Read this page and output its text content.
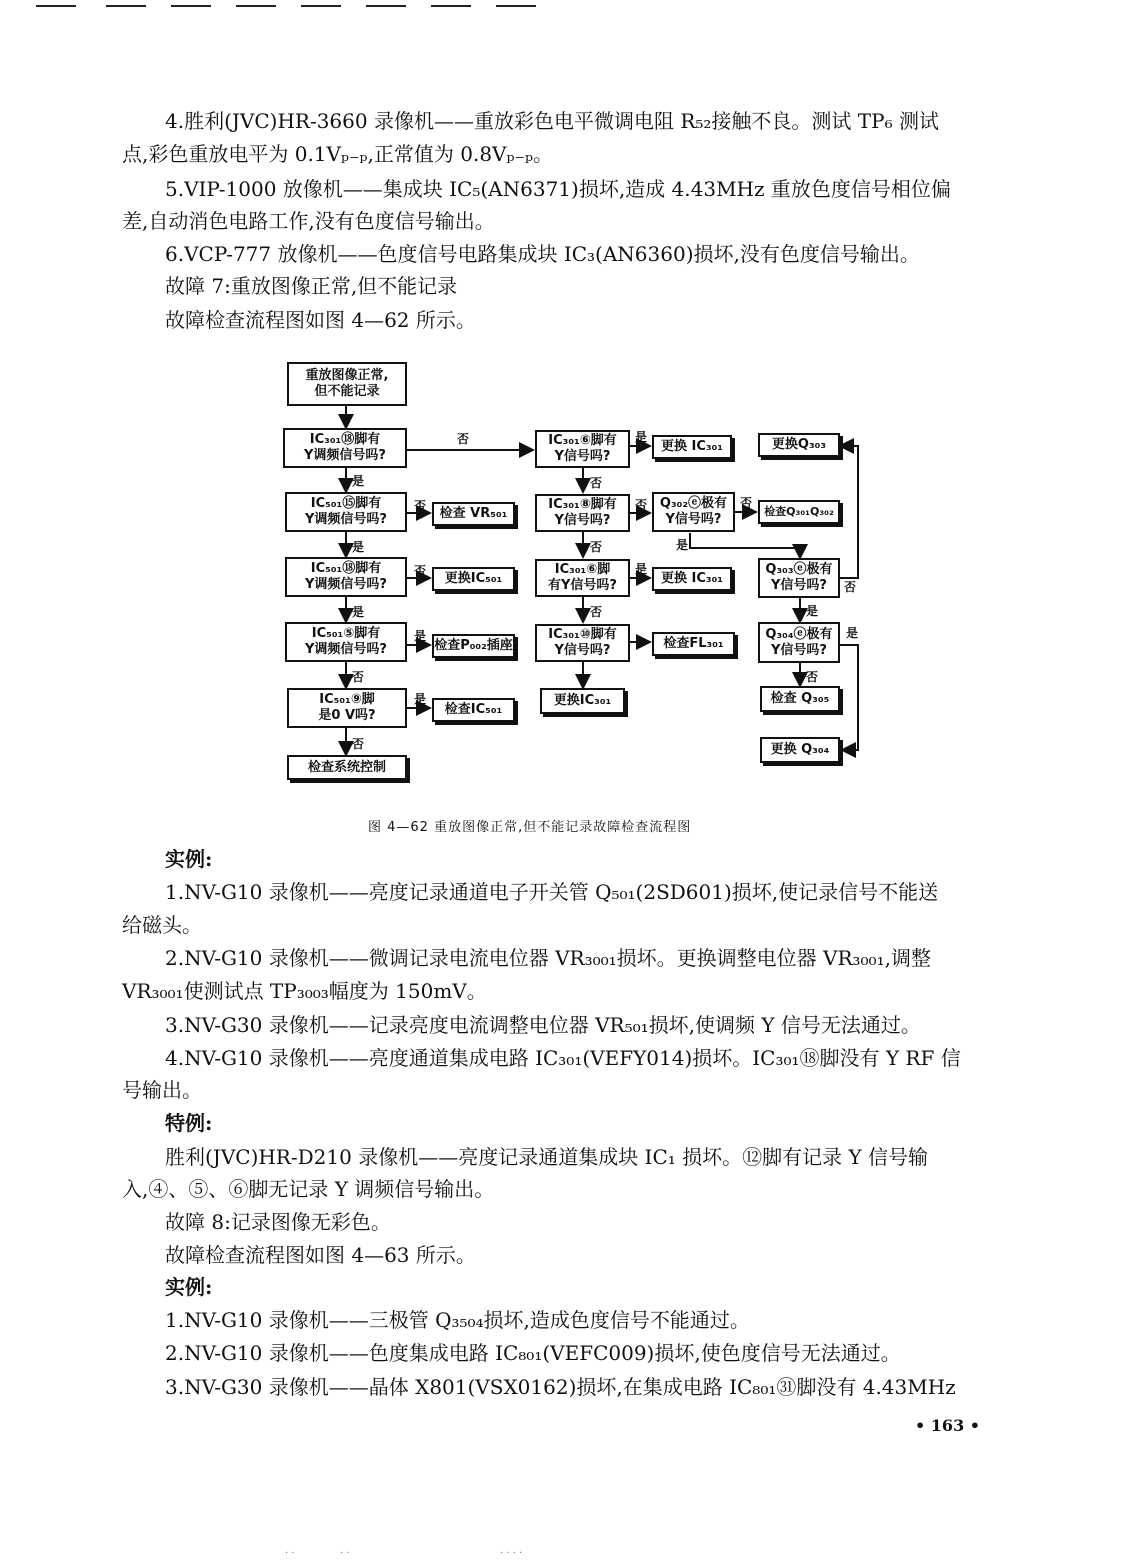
4.胜利(JVC)HR-3660 录像机——重放彩色电平微调电阻 R₅₂接触不良。测试 TP₆ 测试
点,彩色重放电平为 0.1Vₚ₋ₚ,正常值为 0.8Vₚ₋ₚ。
5.VIP-1000 放像机——集成块 IC₅(AN6371)损坏,造成 4.43MHz 重放色度信号相位偏
差,自动消色电路工作,没有色度信号输出。
6.VCP-777 放像机——色度信号电路集成块 IC₃(AN6360)损坏,没有色度信号输出。
故障 7:重放图像正常,但不能记录
故障检查流程图如图 4—62 所示。
重放图像正常,
但不能记录
IC₃₀₁⑱脚有
Y调频信号吗?
IC₅₀₁⑮脚有
Y调频信号吗?
IC₅₀₁⑱脚有
Y调频信号吗?
IC₅₀₁⑤脚有
Y调频信号吗?
IC₅₀₁⑨脚
是0 V吗?
检查系统控制
检查 VR₅₀₁
更换IC₅₀₁
检查P₀₀₂插座
检查IC₅₀₁
IC₃₀₁⑥脚有
Y信号吗?
IC₃₀₁⑧脚有
Y信号吗?
IC₃₀₁⑥脚
有Y信号吗?
IC₃₀₁⑩脚有
Y信号吗?
更换IC₃₀₁
更换 IC₃₀₁
Q₃₀₂ⓔ极有
Y信号吗?
更换 IC₃₀₁
检查FL₃₀₁
更换Q₃₀₃
检查Q₃₀₁Q₃₀₂
Q₃₀₃ⓔ极有
Y信号吗?
Q₃₀₄ⓔ极有
Y信号吗?
检查 Q₃₀₅
更换 Q₃₀₄
否
是
是
是
否
否
否
否
是
是
是
否
否
否
否
是
否
是
否
是
是
否
图 4—62 重放图像正常,但不能记录故障检查流程图
实例:
1.NV-G10 录像机——亮度记录通道电子开关管 Q₅₀₁(2SD601)损坏,使记录信号不能送
给磁头。
2.NV-G10 录像机——微调记录电流电位器 VR₃₀₀₁损坏。更换调整电位器 VR₃₀₀₁,调整
VR₃₀₀₁使测试点 TP₃₀₀₃幅度为 150mV。
3.NV-G30 录像机——记录亮度电流调整电位器 VR₅₀₁损坏,使调频 Y 信号无法通过。
4.NV-G10 录像机——亮度通道集成电路 IC₃₀₁(VEFY014)损坏。IC₃₀₁⑱脚没有 Y RF 信
号输出。
特例:
胜利(JVC)HR-D210 录像机——亮度记录通道集成块 IC₁ 损坏。⑫脚有记录 Y 信号输
入,④、⑤、⑥脚无记录 Y 调频信号输出。
故障 8:记录图像无彩色。
故障检查流程图如图 4—63 所示。
实例:
1.NV-G10 录像机——三极管 Q₃₅₀₄损坏,造成色度信号不能通过。
2.NV-G10 录像机——色度集成电路 IC₈₀₁(VEFC009)损坏,使色度信号无法通过。
3.NV-G30 录像机——晶体 X801(VSX0162)损坏,在集成电路 IC₈₀₁㉛脚没有 4.43MHz
• 163 •
· ·	· ·	· · · ·
